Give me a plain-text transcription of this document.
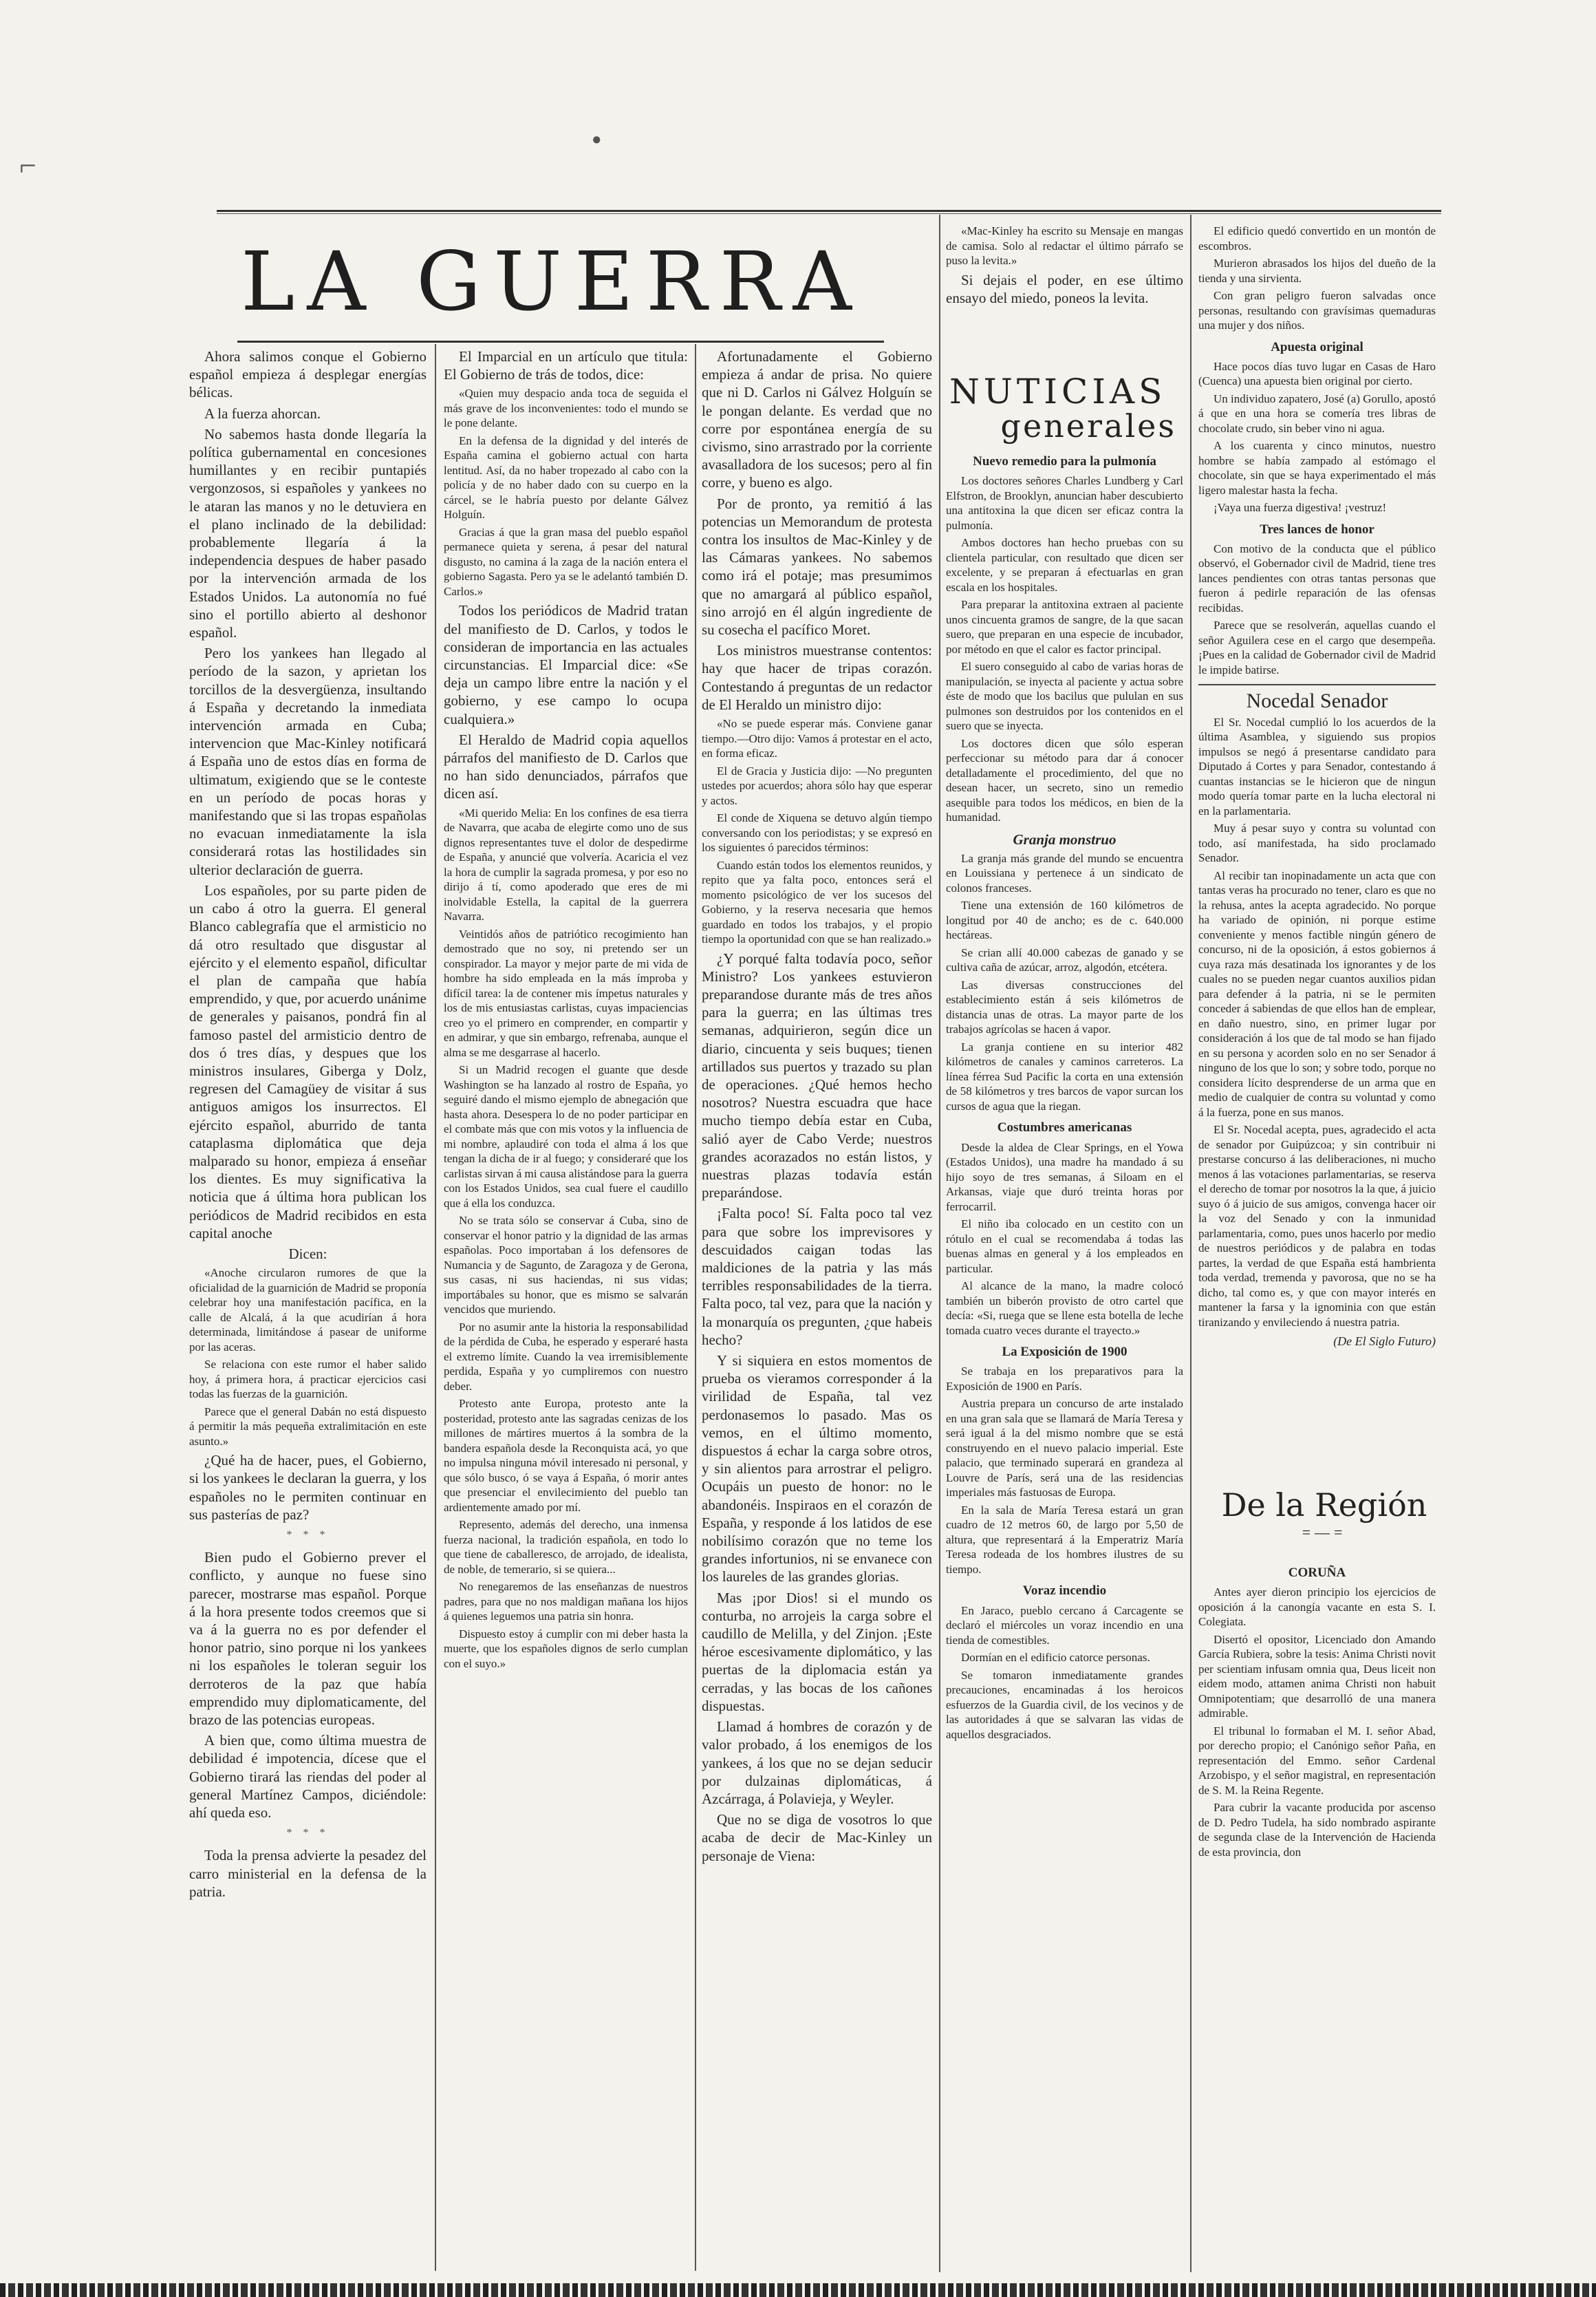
⌐
●
LA GUERRA

Ahora salimos conque el Gobierno español empieza á desplegar energías bélicas.

A la fuerza ahorcan.

No sabemos hasta donde llegaría la política gubernamental en concesiones humillantes y en recibir puntapiés vergonzosos, si españoles y yankees no le ataran las manos y no le detuviera en el plano inclinado de la debilidad: probablemente llegaría á la independencia despues de haber pasado por la intervención armada de los Estados Unidos. La autonomía no fué sino el portillo abierto al deshonor español.

Pero los yankees han llegado al período de la sazon, y aprietan los torcillos de la desvergüenza, insultando á España y decretando la inmediata intervención armada en Cuba; intervencion que Mac-Kinley notificará á España uno de estos días en forma de ultimatum, exigiendo que se le conteste en un período de pocas horas y manifestando que si las tropas españolas no evacuan inmediatamente la isla considerará rotas las hostilidades sin ulterior declaración de guerra.

Los españoles, por su parte piden de un cabo á otro la guerra. El general Blanco cablegrafía que el armisticio no dá otro resultado que disgustar al ejército y el elemento español, dificultar el plan de campaña que había emprendido, y que, por acuerdo unánime de generales y paisanos, pondrá fin al famoso pastel del armisticio dentro de dos ó tres días, y despues que los ministros insulares, Giberga y Dolz, regresen del Camagüey de visitar á sus antiguos amigos los insurrectos. El ejército español, aburrido de tanta cataplasma diplomática que deja malparado su honor, empieza á enseñar los dientes. Es muy significativa la noticia que á última hora publican los periódicos de Madrid recibidos en esta capital anoche

Dicen:

«Anoche circularon rumores de que la oficialidad de la guarnición de Madrid se proponía celebrar hoy una manifestación pacífica, en la calle de Alcalá, á la que acudirían á hora determinada, limitándose á pasear de uniforme por las aceras.

Se relaciona con este rumor el haber salido hoy, á primera hora, á practicar ejercicios casi todas las fuerzas de la guarnición.

Parece que el general Dabán no está dispuesto á permitir la más pequeña extralimitación en este asunto.»

¿Qué ha de hacer, pues, el Gobierno, si los yankees le declaran la guerra, y los españoles no le permiten continuar en sus pasterías de paz?

* * *

Bien pudo el Gobierno prever el conflicto, y aunque no fuese sino parecer, mostrarse mas español. Porque á la hora presente todos creemos que si va á la guerra no es por defender el honor patrio, sino porque ni los yankees ni los españoles le toleran seguir los derroteros de la paz que había emprendido muy diplomaticamente, del brazo de las potencias europeas.

A bien que, como última muestra de debilidad é impotencia, dícese que el Gobierno tirará las riendas del poder al general Martínez Campos, diciéndole: ahí queda eso.

* * *

Toda la prensa advierte la pesadez del carro ministerial en la defensa de la patria.

El Imparcial en un artículo que titula: El Gobierno de trás de todos, dice:

«Quien muy despacio anda toca de seguida el más grave de los inconvenientes: todo el mundo se le pone delante.

En la defensa de la dignidad y del interés de España camina el gobierno actual con harta lentitud. Así, da no haber tropezado al cabo con la policía y de no haber dado con su cuerpo en la cárcel, se le habría puesto por delante Gálvez Holguín.

Gracias á que la gran masa del pueblo español permanece quieta y serena, á pesar del natural disgusto, no camina á la zaga de la nación entera el gobierno Sagasta. Pero ya se le adelantó también D. Carlos.»

Todos los periódicos de Madrid tratan del manifiesto de D. Carlos, y todos le consideran de importancia en las actuales circunstancias. El Imparcial dice: «Se deja un campo libre entre la nación y el gobierno, y ese campo lo ocupa cualquiera.»

El Heraldo de Madrid copia aquellos párrafos del manifiesto de D. Carlos que no han sido denunciados, párrafos que dicen así.

«Mi querido Melia: En los confines de esa tierra de Navarra, que acaba de elegirte como uno de sus dignos representantes tuve el dolor de despedirme de España, y anuncié que volvería. Acaricia el vez la hora de cumplir la sagrada promesa, y por eso no dirijo á tí, como apoderado que eres de mi inolvidable Estella, la capital de la guerrera Navarra.

Veintidós años de patriótico recogimiento han demostrado que no soy, ni pretendo ser un conspirador. La mayor y mejor parte de mi vida de hombre ha sido empleada en la más ímproba y difícil tarea: la de contener mis ímpetus naturales y los de mis entusiastas carlistas, cuyas impaciencias creo yo el primero en comprender, en compartir y en admirar, y que sin embargo, refrenaba, aunque el alma se me desgarrase al hacerlo.

Si un Madrid recogen el guante que desde Washington se ha lanzado al rostro de España, yo seguiré dando el mismo ejemplo de abnegación que hasta ahora. Desespera lo de no poder participar en el combate más que con mis votos y la influencia de mi nombre, aplaudiré con toda el alma á los que tengan la dicha de ir al fuego; y consideraré que los carlistas sirvan á mi causa alistándose para la guerra con los Estados Unidos, sea cual fuere el caudillo que á ella los conduzca.

No se trata sólo se conservar á Cuba, sino de conservar el honor patrio y la dignidad de las armas españolas. Poco importaban á los defensores de Numancia y de Sagunto, de Zaragoza y de Gerona, sus casas, ni sus haciendas, ni sus vidas; importábales su honor, que es mismo se salvarán vencidos que muriendo.

Por no asumir ante la historia la responsabilidad de la pérdida de Cuba, he esperado y esperaré hasta el extremo límite. Cuando la vea irremisiblemente perdida, España y yo cumpliremos con nuestro deber.

Protesto ante Europa, protesto ante la posteridad, protesto ante las sagradas cenizas de los millones de mártires muertos á la sombra de la bandera española desde la Reconquista acá, yo que no impulsa ninguna móvil interesado ni personal, y que sólo busco, ó se vaya á España, ó morir antes que presenciar el envilecimiento del pueblo tan ardientemente amado por mí.

Represento, además del derecho, una inmensa fuerza nacional, la tradición española, en todo lo que tiene de caballeresco, de arrojado, de idealista, de noble, de temerario, si se quiera...

No renegaremos de las enseñanzas de nuestros padres, para que no nos maldigan mañana los hijos á quienes leguemos una patria sin honra.

Dispuesto estoy á cumplir con mi deber hasta la muerte, que los españoles dignos de serlo cumplan con el suyo.»

Afortunadamente el Gobierno empieza á andar de prisa. No quiere que ni D. Carlos ni Gálvez Holguín se le pongan delante. Es verdad que no corre por espontánea energía de su civismo, sino arrastrado por la corriente avasalladora de los sucesos; pero al fin corre, y bueno es algo.

Por de pronto, ya remitió á las potencias un Memorandum de protesta contra los insultos de Mac-Kinley y de las Cámaras yankees. No sabemos como irá el potaje; mas presumimos que no amargará al público español, sino arrojó en él algún ingrediente de su cosecha el pacífico Moret.

Los ministros muestranse contentos: hay que hacer de tripas corazón. Contestando á preguntas de un redactor de El Heraldo un ministro dijo:

«No se puede esperar más. Conviene ganar tiempo.—Otro dijo: Vamos á protestar en el acto, en forma eficaz.

El de Gracia y Justicia dijo: —No pregunten ustedes por acuerdos; ahora sólo hay que esperar y actos.

El conde de Xiquena se detuvo algún tiempo conversando con los periodistas; y se expresó en los siguientes ó parecidos términos:

Cuando están todos los elementos reunidos, y repito que ya falta poco, entonces será el momento psicológico de ver los sucesos del Gobierno, y la reserva necesaria que hemos guardado en todos los trabajos, y el propio tiempo la oportunidad con que se han realizado.»

¿Y porqué falta todavía poco, señor Ministro? Los yankees estuvieron preparandose durante más de tres años para la guerra; en las últimas tres semanas, adquirieron, según dice un diario, cincuenta y seis buques; tienen artillados sus puertos y trazado su plan de operaciones. ¿Qué hemos hecho nosotros? Nuestra escuadra que hace mucho tiempo debía estar en Cuba, salió ayer de Cabo Verde; nuestros grandes acorazados no están listos, y nuestras plazas todavía están preparándose.

¡Falta poco! Sí. Falta poco tal vez para que sobre los imprevisores y descuidados caigan todas las maldiciones de la patria y las más terribles responsabilidades de la tierra. Falta poco, tal vez, para que la nación y la monarquía os pregunten, ¿que habeis hecho?

Y si siquiera en estos momentos de prueba os vieramos corresponder á la virilidad de España, tal vez perdonasemos lo pasado. Mas os vemos, en el último momento, dispuestos á echar la carga sobre otros, y sin alientos para arrostrar el peligro. Ocupáis un puesto de honor: no le abandonéis. Inspiraos en el corazón de España, y responde á los latidos de ese nobilísimo corazón que no teme los grandes infortunios, ni se envanece con los laureles de las grandes glorias.

Mas ¡por Dios! si el mundo os conturba, no arrojeis la carga sobre el caudillo de Melilla, y del Zinjon. ¡Este héroe escesivamente diplomático, y las puertas de la diplomacia están ya cerradas, y las bocas de los cañones dispuestas.

Llamad á hombres de corazón y de valor probado, á los enemigos de los yankees, á los que no se dejan seducir por dulzainas diplomáticas, á Azcárraga, á Polavieja, y Weyler.

Que no se diga de vosotros lo que acaba de decir de Mac-Kinley un personaje de Viena:

«Mac-Kinley ha escrito su Mensaje en mangas de camisa. Solo al redactar el último párrafo se puso la levita.»

Si dejais el poder, en ese último ensayo del miedo, poneos la levita.

NUTICIAS
generales
Nuevo remedio para la pulmonía

Los doctores señores Charles Lundberg y Carl Elfstron, de Brooklyn, anuncian haber descubierto una antitoxina la que dicen ser eficaz contra la pulmonía.

Ambos doctores han hecho pruebas con su clientela particular, con resultado que dicen ser excelente, y se preparan á efectuarlas en gran escala en los hospitales.

Para preparar la antitoxina extraen al paciente unos cincuenta gramos de sangre, de la que sacan suero, que preparan en una especie de incubador, por método en que el calor es factor principal.

El suero conseguido al cabo de varias horas de manipulación, se inyecta al paciente y actua sobre éste de modo que los bacilus que pululan en sus pulmones son destruidos por los contenidos en el suero que se inyecta.

Los doctores dicen que sólo esperan perfeccionar su método para dar á conocer detalladamente el procedimiento, del que no desean hacer, un secreto, sino un remedio asequible para todos los médicos, en bien de la humanidad.

Granja monstruo

La granja más grande del mundo se encuentra en Louissiana y pertenece á un sindicato de colonos franceses.

Tiene una extensión de 160 kilómetros de longitud por 40 de ancho; es de c. 640.000 hectáreas.

Se crian allí 40.000 cabezas de ganado y se cultiva caña de azúcar, arroz, algodón, etcétera.

Las diversas construcciones del establecimiento están á seis kilómetros de distancia unas de otras. La mayor parte de los trabajos agrícolas se hacen á vapor.

La granja contiene en su interior 482 kilómetros de canales y caminos carreteros. La línea férrea Sud Pacific la corta en una extensión de 58 kilómetros y tres barcos de vapor surcan los cursos de agua que la riegan.

Costumbres americanas

Desde la aldea de Clear Springs, en el Yowa (Estados Unidos), una madre ha mandado á su hijo soyo de tres semanas, á Siloam en el Arkansas, viaje que duró treinta horas por ferrocarril.

El niño iba colocado en un cestito con un rótulo en el cual se recomendaba á todas las buenas almas en general y á los empleados en particular.

Al alcance de la mano, la madre colocó también un biberón provisto de otro cartel que decía: «Si, ruega que se llene esta botella de leche tomada cuatro veces durante el trayecto.»

La Exposición de 1900

Se trabaja en los preparativos para la Exposición de 1900 en París.

Austria prepara un concurso de arte instalado en una gran sala que se llamará de María Teresa y será igual á la del mismo nombre que se está construyendo en el nuevo palacio imperial. Este palacio, que terminado superará en grandeza al Louvre de París, será una de las residencias imperiales más fastuosas de Europa.

En la sala de María Teresa estará un gran cuadro de 12 metros 60, de largo por 5,50 de altura, que representará á la Emperatriz María Teresa rodeada de los hombres ilustres de su tiempo.

Voraz incendio

En Jaraco, pueblo cercano á Carcagente se declaró el miércoles un voraz incendio en una tienda de comestibles.

Dormían en el edificio catorce personas.

Se tomaron inmediatamente grandes precauciones, encaminadas á los heroicos esfuerzos de la Guardia civil, de los vecinos y de las autoridades á que se salvaran las vidas de aquellos desgraciados.

El edificio quedó convertido en un montón de escombros.

Murieron abrasados los hijos del dueño de la tienda y una sirvienta.

Con gran peligro fueron salvadas once personas, resultando con gravísimas quemaduras una mujer y dos niños.

Apuesta original

Hace pocos días tuvo lugar en Casas de Haro (Cuenca) una apuesta bien original por cierto.

Un individuo zapatero, José (a) Gorullo, apostó á que en una hora se comería tres libras de chocolate crudo, sin beber vino ni agua.

A los cuarenta y cinco minutos, nuestro hombre se había zampado al estómago el chocolate, sin que se haya experimentado el más ligero malestar hasta la fecha.

¡Vaya una fuerza digestiva! ¡vestruz!

Tres lances de honor

Con motivo de la conducta que el público observó, el Gobernador civil de Madrid, tiene tres lances pendientes con otras tantas personas que fueron á pedirle reparación de las ofensas recibidas.

Parece que se resolverán, aquellas cuando el señor Aguilera cese en el cargo que desempeña. ¡Pues en la calidad de Gobernador civil de Madrid le impide batirse.

Nocedal Senador

El Sr. Nocedal cumplió lo los acuerdos de la última Asamblea, y siguiendo sus propios impulsos se negó á presentarse candidato para Diputado á Cortes y para Senador, contestando á cuantas instancias se le hicieron que de ningun modo quería tomar parte en la lucha electoral ni en la parlamentaria.

Muy á pesar suyo y contra su voluntad con todo, así manifestada, ha sido proclamado Senador.

Al recibir tan inopinadamente un acta que con tantas veras ha procurado no tener, claro es que no la rehusa, antes la acepta agradecido. No porque ha variado de opinión, ni porque estime conveniente y menos factible ningún género de concurso, ni de la oposición, á estos gobiernos á cuya raza más desatinada los ignorantes y de los cuales no se pueden negar cuantos auxilios pidan para defender á la patria, ni se le permiten conceder á sabiendas de que ellos han de emplear, en daño nuestro, sino, en primer lugar por consideración á los que de tal modo se han fijado en su persona y acorden solo en no ser Senador á ninguno de los que lo son; y sobre todo, porque no considera lícito desprenderse de un arma que en medio de cualquier de contra su voluntad y como á la fuerza, pone en sus manos.

El Sr. Nocedal acepta, pues, agradecido el acta de senador por Guipúzcoa; y sin contribuir ni prestarse concurso á las deliberaciones, ni mucho menos á las votaciones parlamentarias, se reserva el derecho de tomar por nosotros la la que, á juicio suyo ó á juicio de sus amigos, convenga hacer oir la voz del Senado y con la inmunidad parlamentaria, como, pues unos hacerlo por medio de nuestros periódicos y de palabra en todas partes, la verdad de que España está hambrienta toda verdad, tremenda y pavorosa, que no se ha dicho, tal como es, y que con mayor interés en mantener la farsa y la ignominia con que están tiranizando y envileciendo á nuestra patria.

(De El Siglo Futuro)
De la Región
=—=
CORUÑA

Antes ayer dieron principio los ejercicios de oposición á la canongía vacante en esta S. I. Colegiata.

Disertó el opositor, Licenciado don Amando García Rubiera, sobre la tesis: Anima Christi novit per scientiam infusam omnia qua, Deus liceit non eidem modo, attamen anima Christi non habuit Omnipotentiam; que desarrolló de una manera admirable.

El tribunal lo formaban el M. I. señor Abad, por derecho propio; el Canónigo señor Paña, en representación del Emmo. señor Cardenal Arzobispo, y el señor magistral, en representación de S. M. la Reina Regente.

Para cubrir la vacante producida por ascenso de D. Pedro Tudela, ha sido nombrado aspirante de segunda clase de la Intervención de Hacienda de esta provincia, don
